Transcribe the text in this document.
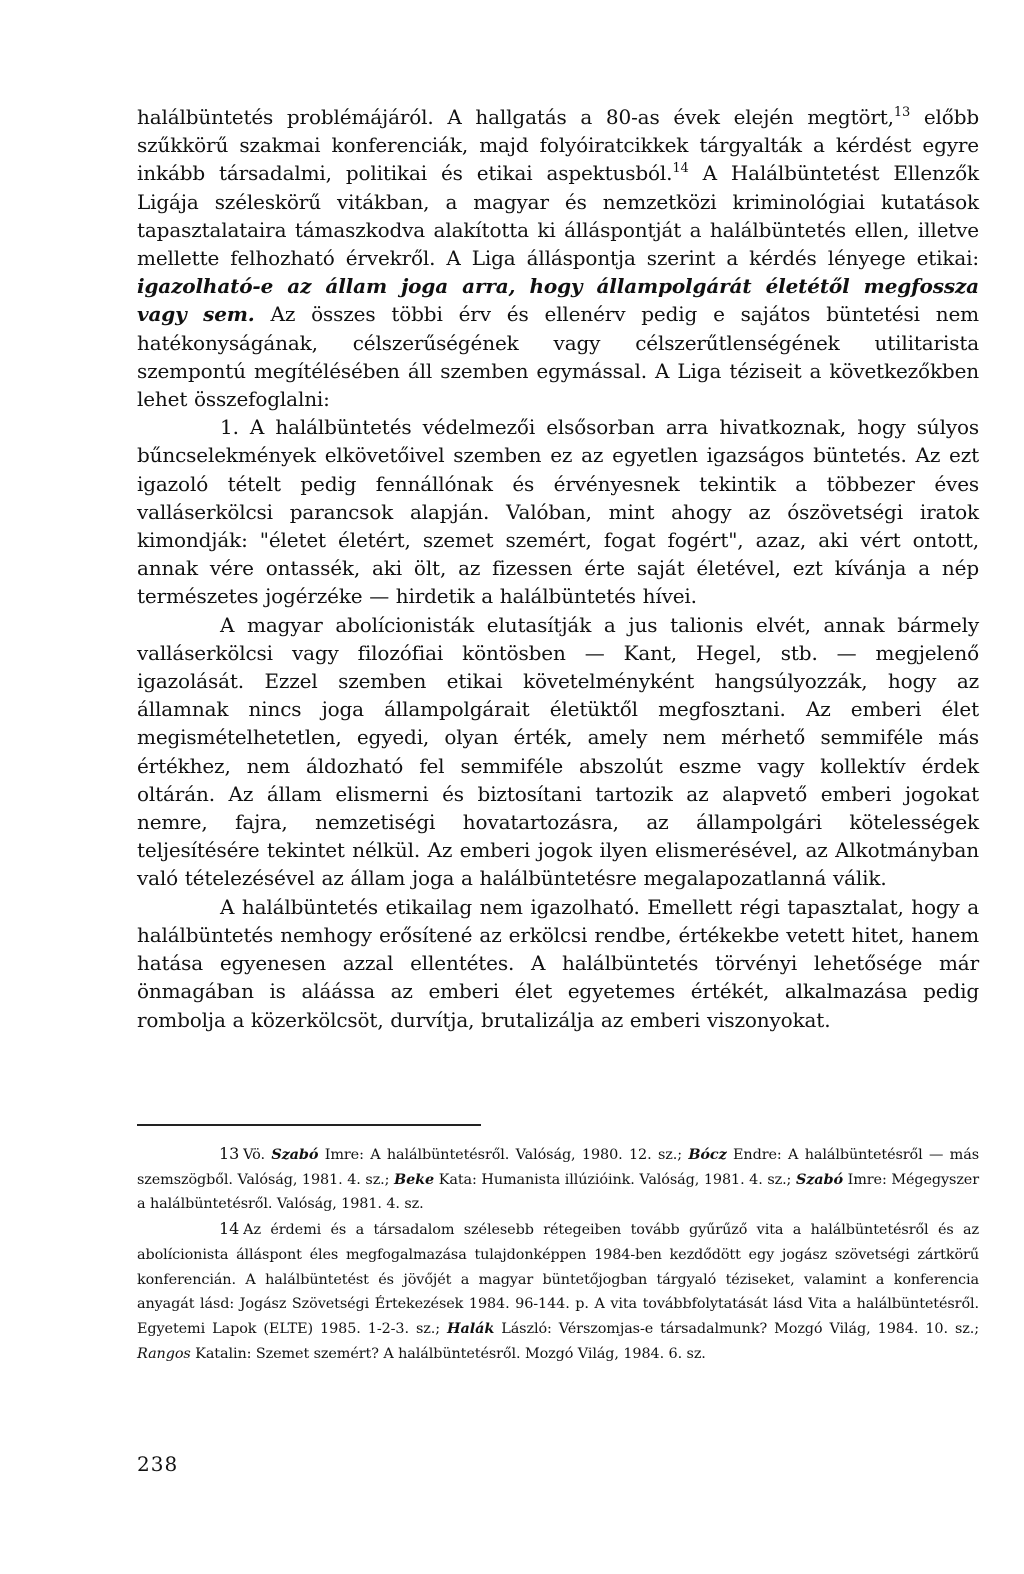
halálbüntetés problémájáról. A hallgatás a 80-as évek elején megtört,$^{13}$ előbb szűkkörű szakmai konferenciák, majd folyóiratcikkek tárgyalták a kérdést egyre inkább társadalmi, politikai és etikai aspektusból.$^{14}$ A Halálbüntetést Ellenzők Ligája széleskörű vitákban, a magyar és nemzetközi kriminológiai kutatások tapasztalataira támaszkodva alakította ki álláspontját a halálbüntetés ellen, illetve mellette felhozható érvekről. A Liga álláspontja szerint a kérdés lényege etikai: igazolható-e az állam joga arra, hogy állampolgárát életétől megfossza vagy sem. Az összes többi érv és ellenérv pedig e sajátos büntetési nem hatékonyságának, célszerűségének vagy célszerűtlenségének utilitarista szempontú megítélésében áll szemben egymással. A Liga téziseit a következőkben lehet összefoglalni:

1. A halálbüntetés védelmezői elsősorban arra hivatkoznak, hogy súlyos bűncselekmények elkövetőivel szemben ez az egyetlen igazságos büntetés. Az ezt igazoló tételt pedig fennállónak és érvényesnek tekintik a többezer éves valláserkölcsi parancsok alapján. Valóban, mint ahogy az ószövetségi iratok kimondják: "életet életért, szemet szemért, fogat fogért", azaz, aki vért ontott, annak vére ontassék, aki ölt, az fizessen érte saját életével, ezt kívánja a nép természetes jogérzéke — hirdetik a halálbüntetés hívei.

A magyar abolícionisták elutasítják a jus talionis elvét, annak bármely valláserkölcsi vagy filozófiai köntösben — Kant, Hegel, stb. — megjelenő igazolását. Ezzel szemben etikai követelményként hangsúlyozzák, hogy az államnak nincs joga állampolgárait életüktől megfosztani. Az emberi élet megismételhetetlen, egyedi, olyan érték, amely nem mérhető semmiféle más értékhez, nem áldozható fel semmiféle abszolút eszme vagy kollektív érdek oltárán. Az állam elismerni és biztosítani tartozik az alapvető emberi jogokat nemre, fajra, nemzetiségi hovatartozásra, az állampolgári kötelességek teljesítésére tekintet nélkül. Az emberi jogok ilyen elismerésével, az Alkotmányban való tételezésével az állam joga a halálbüntetésre megalapozatlanná válik.

A halálbüntetés etikailag nem igazolható. Emellett régi tapasztalat, hogy a halálbüntetés nemhogy erősítené az erkölcsi rendbe, értékekbe vetett hitet, hanem hatása egyenesen azzal ellentétes. A halálbüntetés törvényi lehetősége már önmagában is aláássa az emberi élet egyetemes értékét, alkalmazása pedig rombolja a közerkölcsöt, durvítja, brutalizálja az emberi viszonyokat.

13 Vö. Szabó Imre: A halálbüntetésről. Valóság, 1980. 12. sz.; Bócz Endre: A halálbüntetésről — más szemszögből. Valóság, 1981. 4. sz.; Beke Kata: Humanista illúzióink. Valóság, 1981. 4. sz.; Szabó Imre: Mégegyszer a halálbüntetésről. Valóság, 1981. 4. sz.

14 Az érdemi és a társadalom szélesebb rétegeiben tovább gyűrűző vita a halálbüntetésről és az abolícionista álláspont éles megfogalmazása tulajdonképpen 1984-ben kezdődött egy jogász szövetségi zártkörű konferencián. A halálbüntetést és jövőjét a magyar büntetőjogban tárgyaló téziseket, valamint a konferencia anyagát lásd: Jogász Szövetségi Értekezések 1984. 96-144. p. A vita továbbfolytatását lásd Vita a halálbüntetésről. Egyetemi Lapok (ELTE) 1985. 1-2-3. sz.; Halák László: Vérszomjas-e társadalmunk? Mozgó Világ, 1984. 10. sz.; Rangos Katalin: Szemet szemért? A halálbüntetésről. Mozgó Világ, 1984. 6. sz.

238
